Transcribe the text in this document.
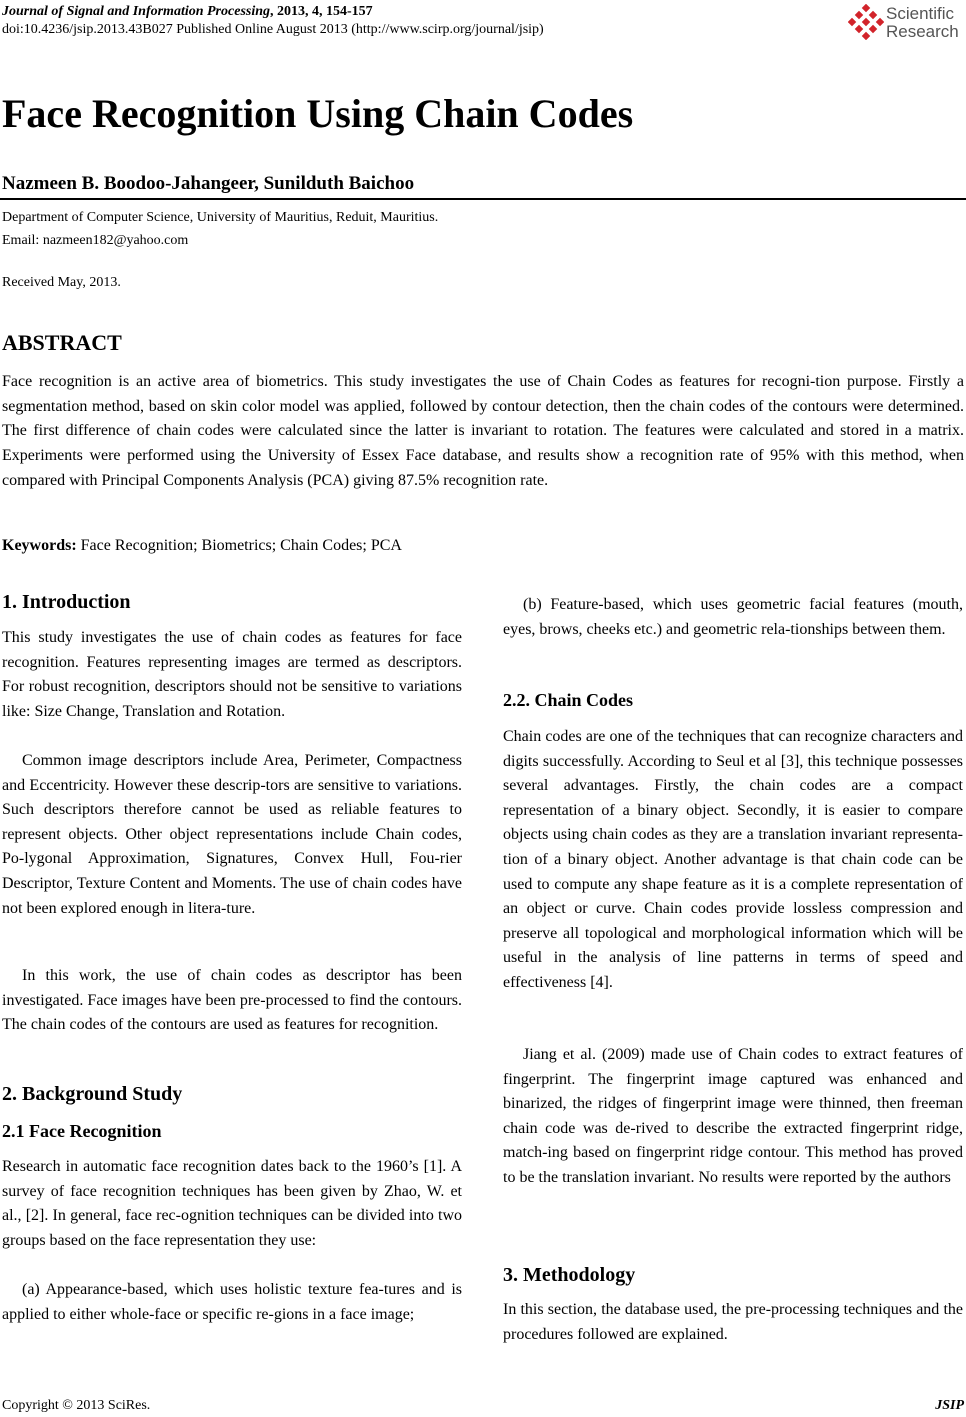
Journal of Signal and Information Processing, 2013, 4, 154-157
doi:10.4236/jsip.2013.43B027 Published Online August 2013 (http://www.scirp.org/journal/jsip)
Scientific
Research
Face Recognition Using Chain Codes
Nazmeen B. Boodoo-Jahangeer, Sunilduth Baichoo
Department of Computer Science, University of Mauritius, Reduit, Mauritius.
Email: nazmeen182@yahoo.com
Received May, 2013.
ABSTRACT

Face recognition is an active area of biometrics. This study investigates the use of Chain Codes as features for recogni-tion purpose. Firstly a segmentation method, based on skin color model was applied, followed by contour detection, then the chain codes of the contours were determined. The first difference of chain codes were calculated since the latter is invariant to rotation. The features were calculated and stored in a matrix. Experiments were performed using the University of Essex Face database, and results show a recognition rate of 95% with this method, when compared with Principal Components Analysis (PCA) giving 87.5% recognition rate.

Keywords: Face Recognition; Biometrics; Chain Codes; PCA
1. Introduction

This study investigates the use of chain codes as features for face recognition. Features representing images are termed as descriptors. For robust recognition, descriptors should not be sensitive to variations like: Size Change, Translation and Rotation.

Common image descriptors include Area, Perimeter, Compactness and Eccentricity. However these descrip-tors are sensitive to variations. Such descriptors therefore cannot be used as reliable features to represent objects. Other object representations include Chain codes, Po-lygonal Approximation, Signatures, Convex Hull, Fou-rier Descriptor, Texture Content and Moments. The use of chain codes have not been explored enough in litera-ture.

In this work, the use of chain codes as descriptor has been investigated. Face images have been pre-processed to find the contours. The chain codes of the contours are used as features for recognition.

2. Background Study
2.1 Face Recognition

Research in automatic face recognition dates back to the 1960’s [1]. A survey of face recognition techniques has been given by Zhao, W. et al., [2]. In general, face rec-ognition techniques can be divided into two groups based on the face representation they use:

(a) Appearance-based, which uses holistic texture fea-tures and is applied to either whole-face or specific re-gions in a face image;

(b) Feature-based, which uses geometric facial features (mouth, eyes, brows, cheeks etc.) and geometric rela-tionships between them.

2.2. Chain Codes

Chain codes are one of the techniques that can recognize characters and digits successfully. According to Seul et al [3], this technique possesses several advantages. Firstly, the chain codes are a compact representation of a binary object. Secondly, it is easier to compare objects using chain codes as they are a translation invariant representa-tion of a binary object. Another advantage is that chain code can be used to compute any shape feature as it is a complete representation of an object or curve. Chain codes provide lossless compression and preserve all topological and morphological information which will be useful in the analysis of line patterns in terms of speed and effectiveness [4].

Jiang et al. (2009) made use of Chain codes to extract features of fingerprint. The fingerprint image captured was enhanced and binarized, the ridges of fingerprint image were thinned, then freeman chain code was de-rived to describe the extracted fingerprint ridge, match-ing based on fingerprint ridge contour. This method has proved to be the translation invariant. No results were reported by the authors

3. Methodology

In this section, the database used, the pre-processing techniques and the procedures followed are explained.

Copyright © 2013 SciRes.	JSIP
